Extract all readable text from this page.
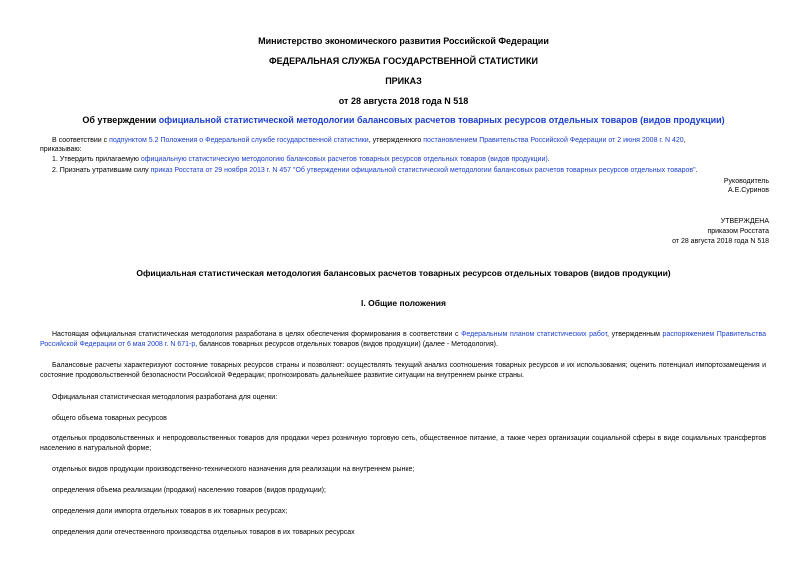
Министерство экономического развития Российской Федерации
ФЕДЕРАЛЬНАЯ СЛУЖБА ГОСУДАРСТВЕННОЙ СТАТИСТИКИ
ПРИКАЗ
от 28 августа 2018 года N 518
Об утверждении официальной статистической методологии балансовых расчетов товарных ресурсов отдельных товаров (видов продукции)
В соответствии с подпунктом 5.2 Положения о Федеральной службе государственной статистики, утвержденного постановлением Правительства Российской Федерации от 2 июня 2008 г. N 420,
приказываю:
1. Утвердить прилагаемую официальную статистическую методологию балансовых расчетов товарных ресурсов отдельных товаров (видов продукции).
2. Признать утратившим силу приказ Росстата от 29 ноября 2013 г. N 457 "Об утверждении официальной статистической методологии балансовых расчетов товарных ресурсов отдельных товаров".
Руководитель
А.Е.Суринов
УТВЕРЖДЕНА
приказом Росстата
от 28 августа 2018 года N 518
Официальная статистическая методология балансовых расчетов товарных ресурсов отдельных товаров (видов продукции)
I. Общие положения
Настоящая официальная статистическая методология разработана в целях обеспечения формирования в соответствии с Федеральным планом статистических работ, утвержденным распоряжением Правительства Российской Федерации от 6 мая 2008 г. N 671-р, балансов товарных ресурсов отдельных товаров (видов продукции) (далее - Методология).
Балансовые расчеты характеризуют состояние товарных ресурсов страны и позволяют: осуществлять текущий анализ соотношения товарных ресурсов и их использования; оценить потенциал импортозамещения и состояние продовольственной безопасности Российской Федерации; прогнозировать дальнейшее развитие ситуации на внутреннем рынке страны.
Официальная статистическая методология разработана для оценки:
общего объема товарных ресурсов
отдельных продовольственных и непродовольственных товаров для продажи через розничную торговую сеть, общественное питание, а также через организации социальной сферы в виде социальных трансфертов населению в натуральной форме;
отдельных видов продукции производственно-технического назначения для реализации на внутреннем рынке;
определения объема реализации (продажи) населению товаров (видов продукции);
определения доли импорта отдельных товаров в их товарных ресурсах;
определения доли отечественного производства отдельных товаров в их товарных ресурсах
